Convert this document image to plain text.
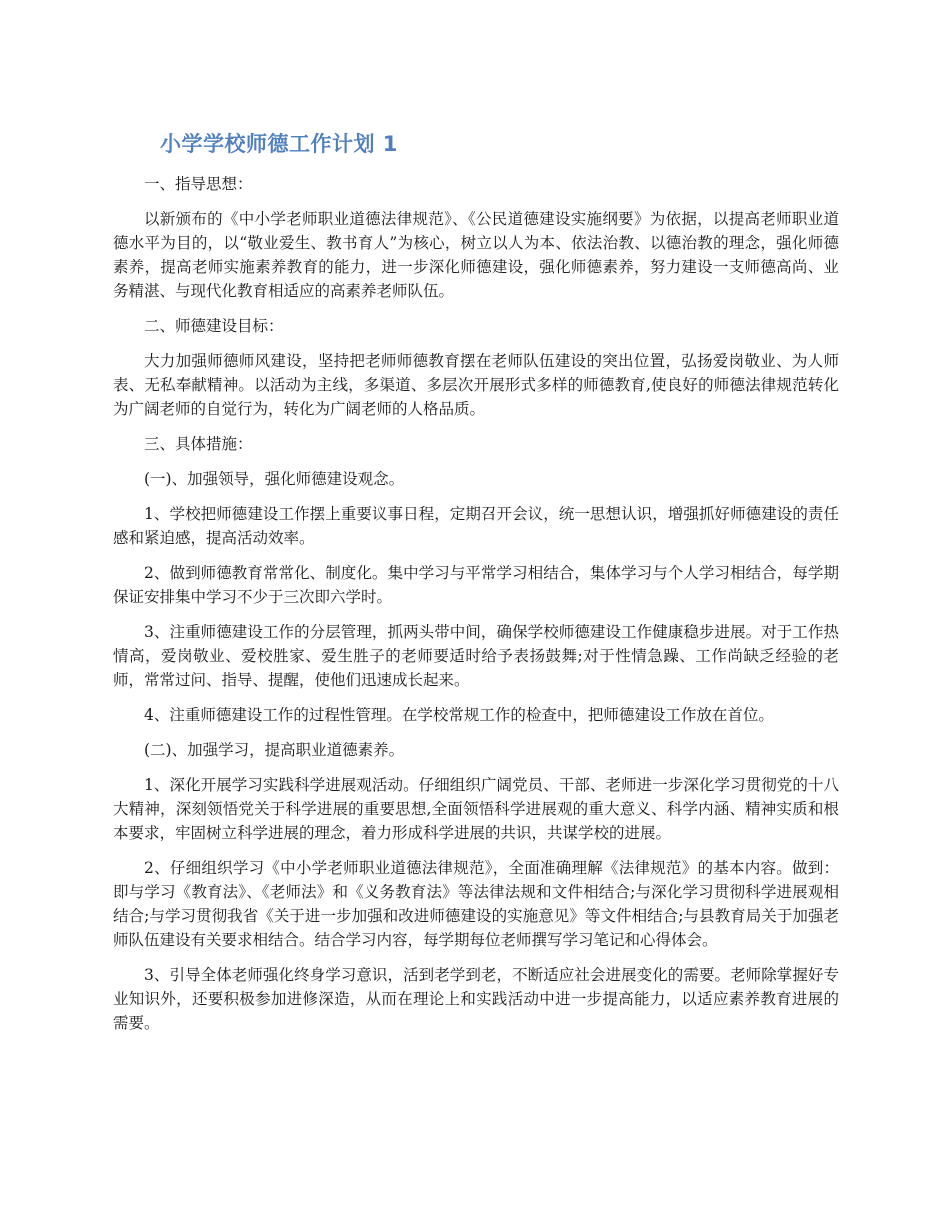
小学学校师德工作计划 1

一、指导思想：

以新颁布的《中小学老师职业道德法律规范》、《公民道德建设实施纲要》为依据，以提高老师职业道德水平为目的，以“敬业爱生、教书育人”为核心，树立以人为本、依法治教、以德治教的理念，强化师德素养，提高老师实施素养教育的能力，进一步深化师德建设，强化师德素养，努力建设一支师德高尚、业务精湛、与现代化教育相适应的高素养老师队伍。

二、师德建设目标：

大力加强师德师风建设，坚持把老师师德教育摆在老师队伍建设的突出位置，弘扬爱岗敬业、为人师表、无私奉献精神。以活动为主线，多渠道、多层次开展形式多样的师德教育,使良好的师德法律规范转化为广阔老师的自觉行为，转化为广阔老师的人格品质。

三、具体措施：

(一)、加强领导，强化师德建设观念。

1、学校把师德建设工作摆上重要议事日程，定期召开会议，统一思想认识，增强抓好师德建设的责任感和紧迫感，提高活动效率。

2、做到师德教育常常化、制度化。集中学习与平常学习相结合，集体学习与个人学习相结合，每学期保证安排集中学习不少于三次即六学时。

3、注重师德建设工作的分层管理，抓两头带中间，确保学校师德建设工作健康稳步进展。对于工作热情高，爱岗敬业、爱校胜家、爱生胜子的老师要适时给予表扬鼓舞;对于性情急躁、工作尚缺乏经验的老师，常常过问、指导、提醒，使他们迅速成长起来。

4、注重师德建设工作的过程性管理。在学校常规工作的检查中，把师德建设工作放在首位。

(二)、加强学习，提高职业道德素养。

1、深化开展学习实践科学进展观活动。仔细组织广阔党员、干部、老师进一步深化学习贯彻党的十八大精神，深刻领悟党关于科学进展的重要思想,全面领悟科学进展观的重大意义、科学内涵、精神实质和根本要求，牢固树立科学进展的理念，着力形成科学进展的共识，共谋学校的进展。

2、仔细组织学习《中小学老师职业道德法律规范》，全面准确理解《法律规范》的基本内容。做到：即与学习《教育法》、《老师法》和《义务教育法》等法律法规和文件相结合;与深化学习贯彻科学进展观相结合;与学习贯彻我省《关于进一步加强和改进师德建设的实施意见》等文件相结合;与县教育局关于加强老师队伍建设有关要求相结合。结合学习内容，每学期每位老师撰写学习笔记和心得体会。

3、引导全体老师强化终身学习意识，活到老学到老，不断适应社会进展变化的需要。老师除掌握好专业知识外，还要积极参加进修深造，从而在理论上和实践活动中进一步提高能力，以适应素养教育进展的需要。
